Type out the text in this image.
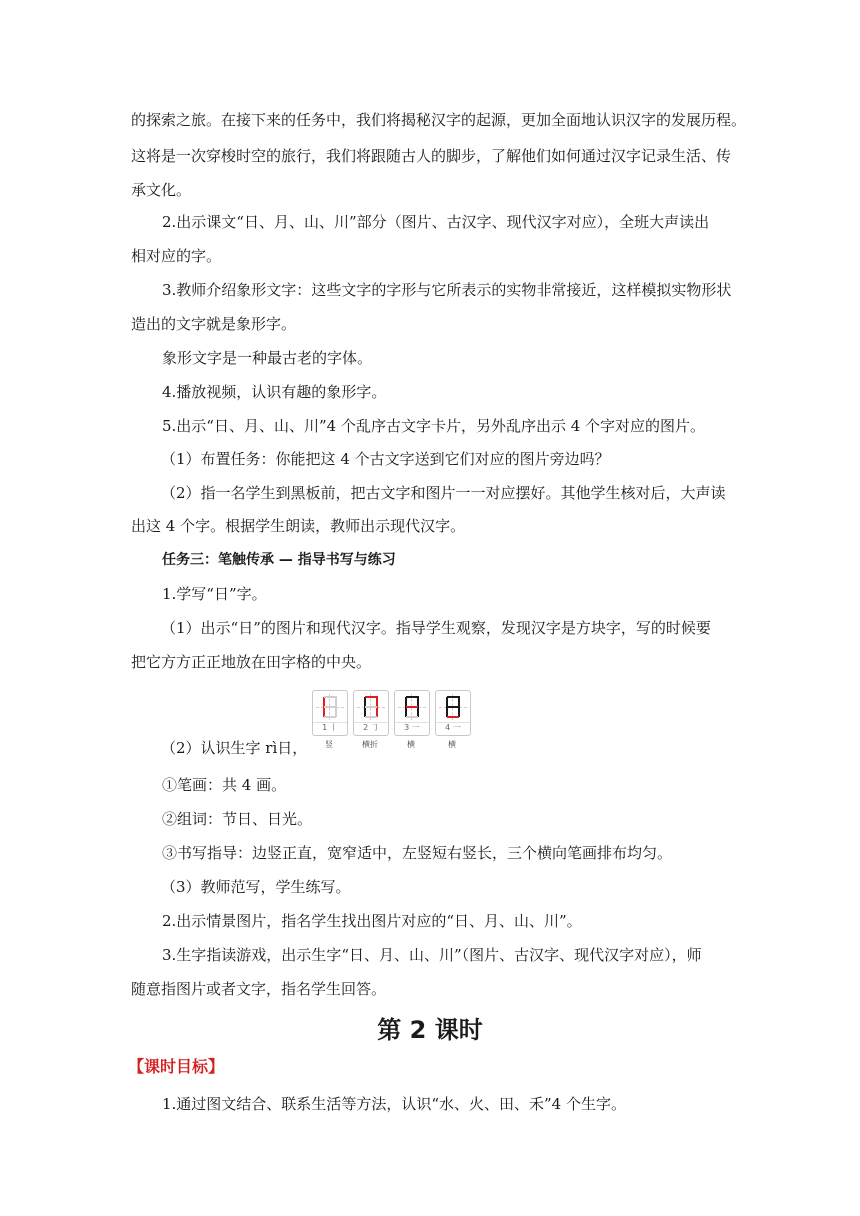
的探索之旅。在接下来的任务中，我们将揭秘汉字的起源，更加全面地认识汉字的发展历程。
这将是一次穿梭时空的旅行，我们将跟随古人的脚步，了解他们如何通过汉字记录生活、传
承文化。
2.出示课文“日、月、山、川”部分（图片、古汉字、现代汉字对应），全班大声读出
相对应的字。
3.教师介绍象形文字：这些文字的字形与它所表示的实物非常接近，这样模拟实物形状
造出的文字就是象形字。
象形文字是一种最古老的字体。
4.播放视频，认识有趣的象形字。
5.出示“日、月、山、川”4 个乱序古文字卡片，另外乱序出示 4 个字对应的图片。
（1）布置任务：你能把这 4 个古文字送到它们对应的图片旁边吗？
（2）指一名学生到黑板前，把古文字和图片一一对应摆好。其他学生核对后，大声读
出这 4 个字。根据学生朗读，教师出示现代汉字。
任务三：笔触传承 — 指导书写与练习
1.学写“日”字。
（1）出示“日”的图片和现代汉字。指导学生观察，发现汉字是方块字，写的时候要
把它方方正正地放在田字格的中央。
（2）认识生字 rì日，
1 丨	2 ㇆	3 一	4 一
竖	横折	横	横
①笔画：共 4 画。
②组词：节日、日光。
③书写指导：边竖正直，宽窄适中，左竖短右竖长，三个横向笔画排布均匀。
（3）教师范写，学生练写。
2.出示情景图片，指名学生找出图片对应的“日、月、山、川”。
3.生字指读游戏，出示生字“日、月、山、川”（图片、古汉字、现代汉字对应），师
随意指图片或者文字，指名学生回答。
第 2 课时
【课时目标】
1.通过图文结合、联系生活等方法，认识“水、火、田、禾”4 个生字。
